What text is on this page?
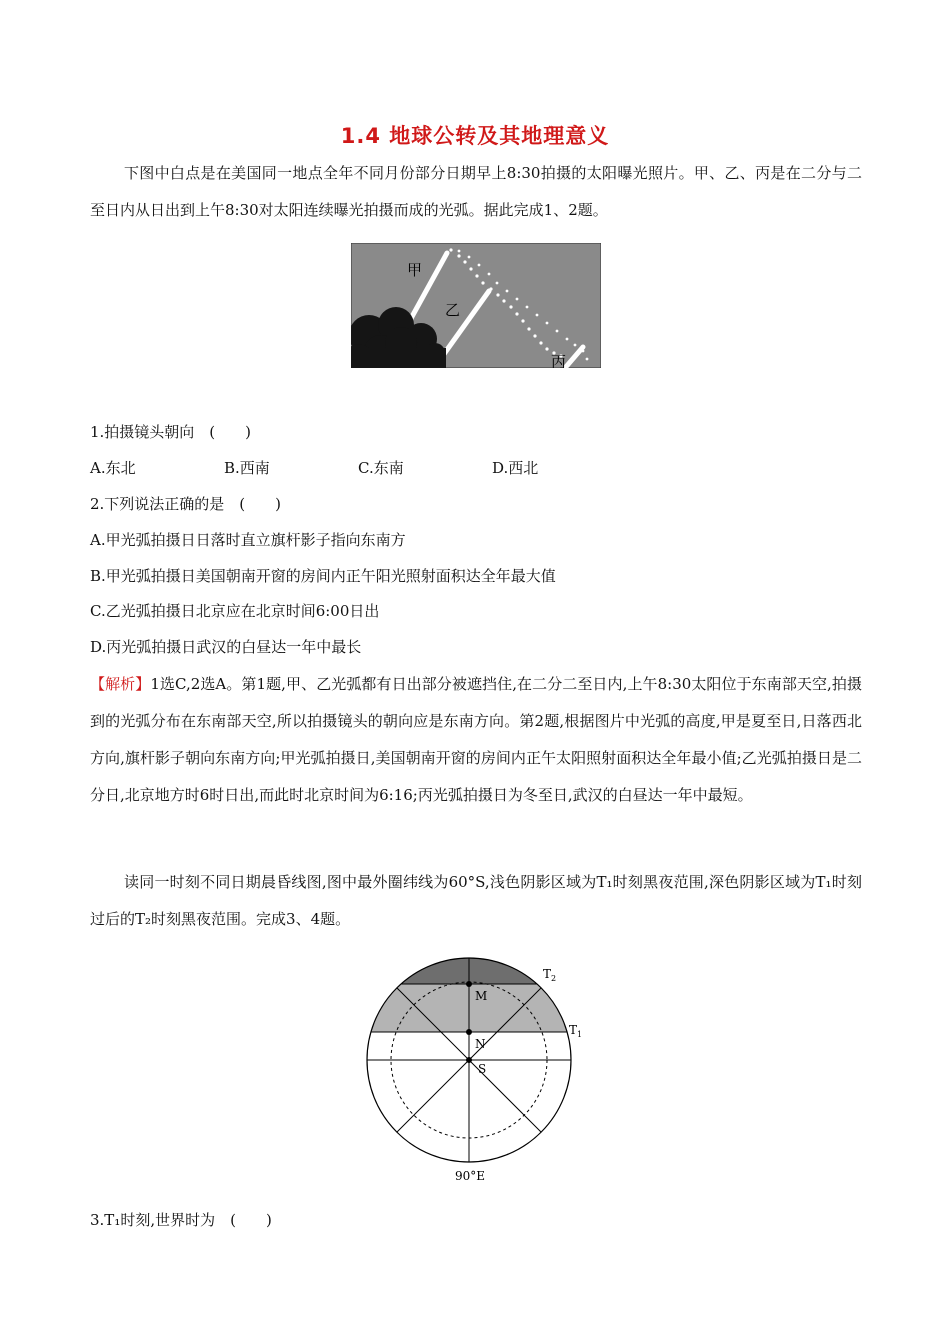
1.4 地球公转及其地理意义
下图中白点是在美国同一地点全年不同月份部分日期早上8:30拍摄的太阳曝光照片。甲、乙、丙是在二分与二至日内从日出到上午8:30对太阳连续曝光拍摄而成的光弧。据此完成1、2题。
甲
乙
丙
1.拍摄镜头朝向　(　　)
A.东北	B.西南	C.东南	D.西北
2.下列说法正确的是　(　　)
A.甲光弧拍摄日日落时直立旗杆影子指向东南方
B.甲光弧拍摄日美国朝南开窗的房间内正午阳光照射面积达全年最大值
C.乙光弧拍摄日北京应在北京时间6:00日出
D.丙光弧拍摄日武汉的白昼达一年中最长
【解析】1选C,2选A。第1题,甲、乙光弧都有日出部分被遮挡住,在二分二至日内,上午8:30太阳位于东南部天空,拍摄到的光弧分布在东南部天空,所以拍摄镜头的朝向应是东南方向。第2题,根据图片中光弧的高度,甲是夏至日,日落西北方向,旗杆影子朝向东南方向;甲光弧拍摄日,美国朝南开窗的房间内正午太阳照射面积达全年最小值;乙光弧拍摄日是二分日,北京地方时6时日出,而此时北京时间为6:16;丙光弧拍摄日为冬至日,武汉的白昼达一年中最短。
读同一时刻不同日期晨昏线图,图中最外圈纬线为60°S,浅色阴影区域为T₁时刻黑夜范围,深色阴影区域为T₁时刻过后的T₂时刻黑夜范围。完成3、4题。
M
N
S
$T_2$
$T_1$
90°E
3.T₁时刻,世界时为　(　　)
